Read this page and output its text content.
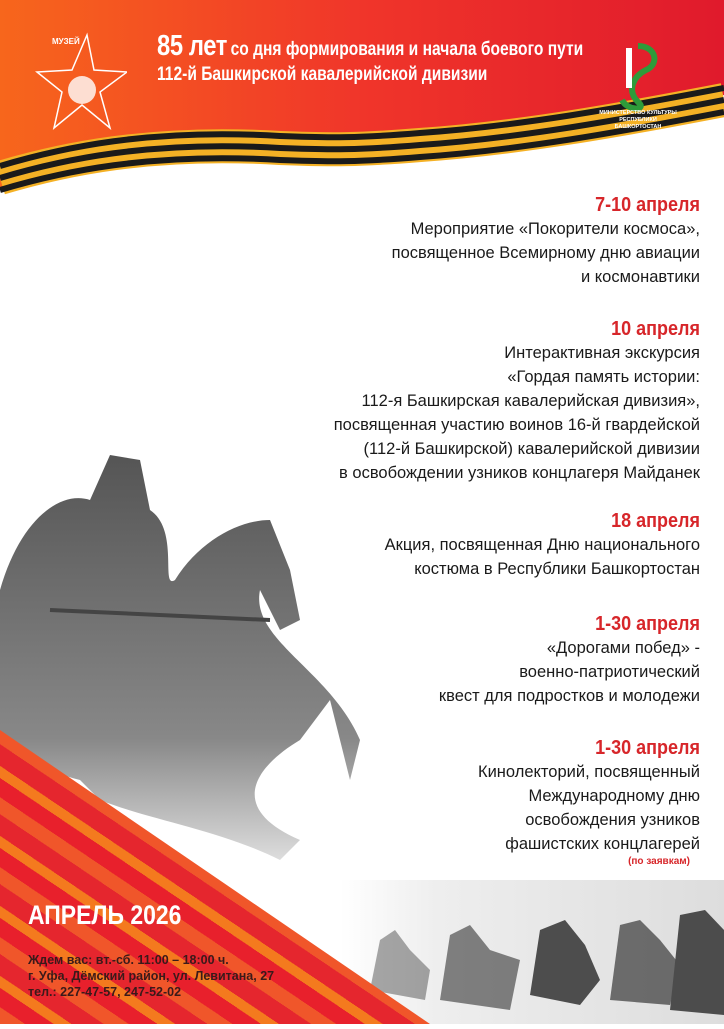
МУЗЕЙ	85 лет со дня формирования и начала боевого пути
112-й Башкирской кавалерийской дивизии
МИНИСТЕРСТВО КУЛЬТУРЫ
РЕСПУБЛИКИ БАШКОРТОСТАН
7-10 апреля
Мероприятие «Покорители космоса»,
посвященное Всемирному дню авиации
и космонавтики
10 апреля
Интерактивная экскурсия
«Гордая память истории:
112-я Башкирская кавалерийская дивизия»,
посвященная участию воинов 16-й гвардейской
(112-й Башкирской) кавалерийской дивизии
в освобождении узников концлагеря Майданек
18 апреля
Акция, посвященная Дню национального
костюма в Республики Башкортостан
1-30 апреля
«Дорогами побед» -
военно-патриотический
квест для подростков и молодежи
1-30 апреля
Кинолекторий, посвященный
Международному дню
освобождения узников
фашистских концлагерей
(по заявкам)
АПРЕЛЬ 2026
Ждем вас: вт.-сб. 11:00 – 18:00 ч.
г. Уфа, Дёмский район, ул. Левитана, 27
тел.: 227-47-57, 247-52-02
